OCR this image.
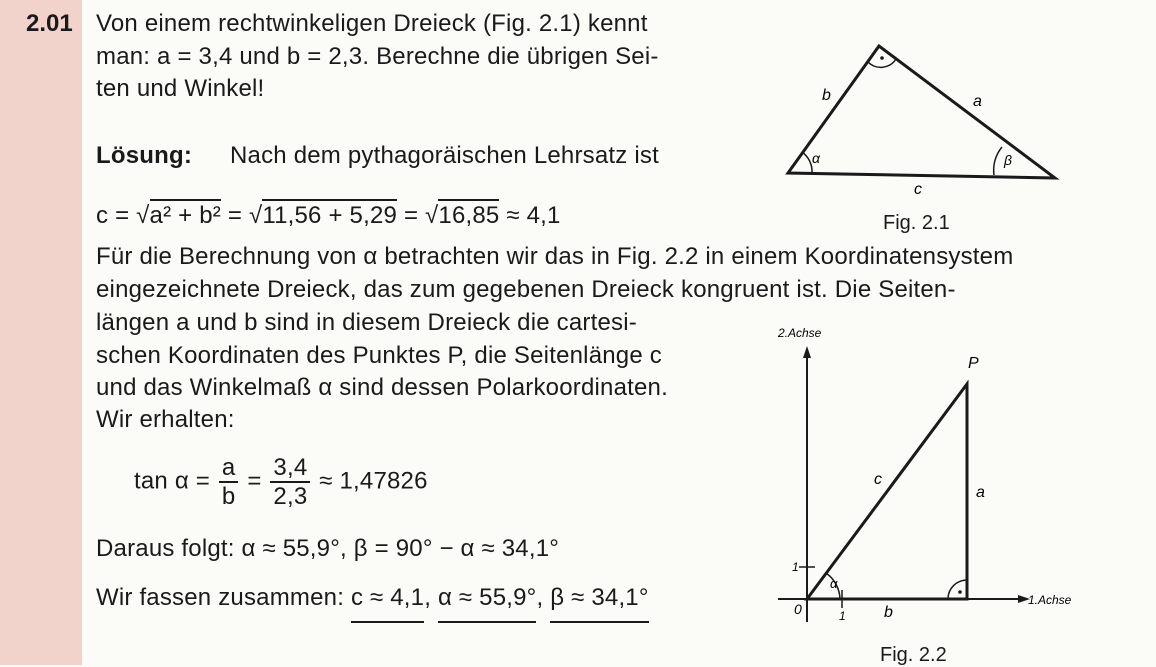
2.01 Von einem rechtwinkeligen Dreieck (Fig. 2.1) kennt
man: a = 3,4 und b = 2,3. Berechne die übrigen Sei-
ten und Winkel!
Lösung: Nach dem pythagoräischen Lehrsatz ist
c = √a² + b² = √11,56 + 5,29 = √16,85 ≈ 4,1
Für die Berechnung von α betrachten wir das in Fig. 2.2 in einem Koordinatensystem
eingezeichnete Dreieck, das zum gegebenen Dreieck kongruent ist. Die Seiten-
längen a und b sind in diesem Dreieck die cartesi-
schen Koordinaten des Punktes P, die Seitenlänge c
und das Winkelmaß α sind dessen Polarkoordinaten.
Wir erhalten:
$\tan \alpha = \frac{a}{b} = \frac{3,4}{2,3} \approx 1,47826$
Daraus folgt: α ≈ 55,9°, β = 90° − α ≈ 34,1°
Wir fassen zusammen: c ≈ 4,1, α ≈ 55,9°, β ≈ 34,1°
b	a
c
α	β
Fig. 2.1
2.Achse
1.Achse
P
a
c
b
α
0	1
1
Fig. 2.2
